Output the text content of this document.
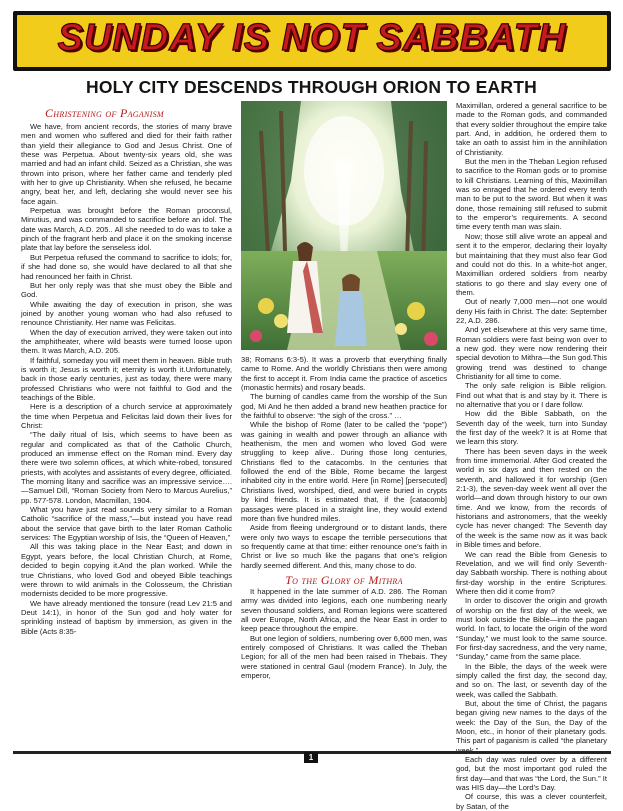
SUNDAY IS NOT SABBATH
HOLY CITY DESCENDS THROUGH ORION TO EARTH
Christening of Paganism

We have, from ancient records, the stories of many brave men and women who suffered and died for their faith rather than yield their allegiance to God and Jesus Christ. One of these was Perpetua. About twenty-six years old, she was married and had an infant child. Seized as a Christian, she was thrown into prison, where her father came and tenderly pled with her to give up Christianity. When she refused, he became angry, beat her, and left, declaring she would never see his face again.

Perpetua was brought before the Roman proconsul, Minutius, and was commanded to sacrifice before an idol. The date was March, A.D. 205.. All she needed to do was to take a pinch of the fragrant herb and place it on the smoking incense plate that lay before the senseless idol.

But Perpetua refused the command to sacrifice to idols; for, if she had done so, she would have declared to all that she had renounced her faith in Christ.

But her only reply was that she must obey the Bible and God.

While awaiting the day of execution in prison, she was joined by another young woman who had also refused to renounce Christianity. Her name was Felicitas.

When the day of execution arrived, they were taken out into the amphitheater, where wild beasts were turned loose upon them. It was March, A.D. 205.

If faithful, someday you will meet them in heaven. Bible truth is worth it; Jesus is worth it; eternity is worth it.Unfortunately, back in those early centuries, just as today, there were many professed Christians who were not faithful to God and the teachings of the Bible.

Here is a description of a church service at approximately the time when Perpetua and Felicitas laid down their lives for Christ:

“The daily ritual of Isis, which seems to have been as regular and complicated as that of the Catholic Church, produced an immense effect on the Roman mind. Every day there were two solemn offices, at which white-robed, tonsured priests, with acolytes and assistants of every degree, officiated. The morning litany and sacrifice was an impressive service….—Samuel Dill, “Roman Society from Nero to Marcus Aurelius,” pp. 577-578. London, Macmillan, 1904.

What you have just read sounds very similar to a Roman Catholic “sacrifice of the mass,”—but instead you have read about the service that gave birth to the later Roman Catholic services: The Egyptian worship of Isis, the “Queen of Heaven,”

All this was taking place in the Near East; and down in Egypt, years before, the local Christian Church, at Rome, decided to begin copying it.And the plan worked. While the true Christians, who loved God and obeyed Bible teachings were thrown to wild animals in the Colosseum, the Christian modernists decided to be more progressive.

We have already mentioned the tonsure (read Lev 21:5 and Deut 14:1), in honor of the Sun god and holy water for sprinkling instead of baptism by immersion, as given in the Bible (Acts 8:35-

38; Romans 6:3-5). It was a proverb that everything finally came to Rome. And the worldly Christians then were among the first to accept it. From India came the practice of ascetics (monastic hermits) and rosary beads.

The burning of candles came from the worship of the Sun god, Mi And he then added a brand new heathen practice for the faithful to observe: “the sigh of the cross.” …

While the bishop of Rome (later to be called the “pope”) was gaining in wealth and power through an alliance with heathenism, the men and women who loved God were struggling to keep alive.. During those long centuries, Christians fled to the catacombs. In the centuries that followed the end of the Bible, Rome became the largest inhabited city in the entire world. Here [in Rome] [persecuted] Christians lived, worshiped, died, and were buried in crypts by kind friends. It is estimated that, if the [catacomb] passages were placed in a straight line, they would extend more than five hundred miles.

Aside from fleeing underground or to distant lands, there were only two ways to escape the terrible persecutions that so frequently came at that time: either renounce one’s faith in Christ or live so much like the pagans that one’s religion hardly seemed different. And this, many chose to do.

To the Glory of Mithra

It happened in the late summer of A.D. 286. The Roman army was divided into legions, each one numbering nearly seven thousand soldiers, and Roman legions were scattered all over Europe, North Africa, and the Near East in order to keep peace throughout the empire.

But one legion of soldiers, numbering over 6,600 men, was entirely composed of Christians. It was called the Theban Legion; for all of the men had been raised in Thebais. They were stationed in central Gaul (modern France). In July, the emperor,

Maximillan, ordered a general sacrifice to be made to the Roman gods, and commanded that every soldier throughout the empire take part. And, in addition, he ordered them to take an oath to assist him in the annihilation of Christianity.

But the men in the Theban Legion refused to sacrifice to the Roman gods or to promise to kill Christians. Learning of this, Maximillan was so enraged that he ordered every tenth man to be put to the sword. But when it was done, those remaining still refused to submit to the emperor’s requirements. A second time every tenth man was slain.

Now; those still alive wrote an appeal and sent it to the emperor, declaring their loyalty but maintaining that they must also fear God and could not do this. In a white-hot anger, Maximillian ordered soldiers from nearby stations to go there and slay every one of them.

Out of nearly 7,000 men—not one would deny His faith in Christ. The date: September 22, A.D. 286.

And yet elsewhere at this very same time, Roman soldiers were fast being won over to a new god. they were now rendering their special devotion to Mithra—the Sun god.This growing trend was destined to change Christianity for all time to come.

The only safe religion is Bible religion. Find out what that is and stay by it. There is no alternative that you or I dare follow.

How did the Bible Sabbath, on the Seventh day of the week, turn into Sunday the first day of the week? It is at Rome that we learn this story.

There has been seven days in the week from time immemorial. After God created the world in six days and then rested on the seventh, and hallowed it for worship (Gen 2:1-3), the seven-day week went all over the world—and down through history to our own time. And we know, from the records of historians and astronomers, that the weekly cycle has never changed: The Seventh day of the week is the same now as it was back in Bible times and before.

We can read the Bible from Genesis to Revelation, and we will find only Seventh-day Sabbath worship. There is nothing about first-day worship in the entire Scriptures. Where then did it come from?

In order to discover the origin and growth of worship on the first day of the week, we must look outside the Bible—into the pagan world. In fact, to locate the origin of the word “Sunday,” we must look to the same source. For first-day sacredness, and the very name, “Sunday,” came from the same place.

In the Bible, the days of the week were simply called the first day, the second day, and so on. The last, or seventh day of the week, was called the Sabbath.

But, about the time of Christ, the pagans began giving new names to the days of the week: the Day of the Sun, the Day of the Moon, etc., in honor of their planetary gods. This part of paganism is called “the planetary

Each day was ruled over by a different god, but the most important god ruled the first day—and that was “the Lord, the Sun.” It was HIS day—the Lord’s Day.

Of course, this was a clever counterfeit, by Satan, of the

1
